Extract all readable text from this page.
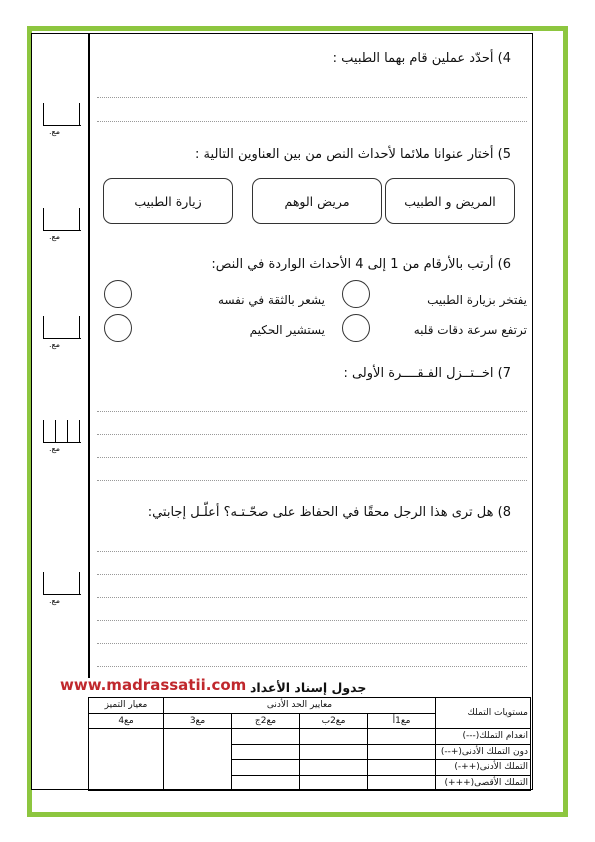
4) أحدّد عملين قام بهما الطبيب :
5) أختار عنوانا ملائما لأحداث النص من بين العناوين التالية :
المريض و الطبيب
مريض الوهم
زيارة الطبيب
6) أرتب بالأرقام من 1 إلى 4 الأحداث الواردة في النص:
يفتخر بزيارة الطبيب
يشعر بالثقة في نفسه
ترتفع سرعة دقات قلبه
يستشير الحكيم
7) اخــتــزل الفـقــــرة الأولى :
8) هل ترى هذا الرجل محقًا في الحفاظ على صحّـتـه؟ أعلّـل إجابتي:
مع.
مع.
مع.
مع.
مع.
www.madrassatii.com جدول إسناد الأعداد
معيار التميز	معايير الحد الأدنى				مستويات التملك
مع4	مع3	مع2ج	مع2ب	مع1أ	
					انعدام التملك(---)
					دون التملك الأدنى(+--)
					التملك الأدنى(++-)
					التملك الأقصى(+++)
